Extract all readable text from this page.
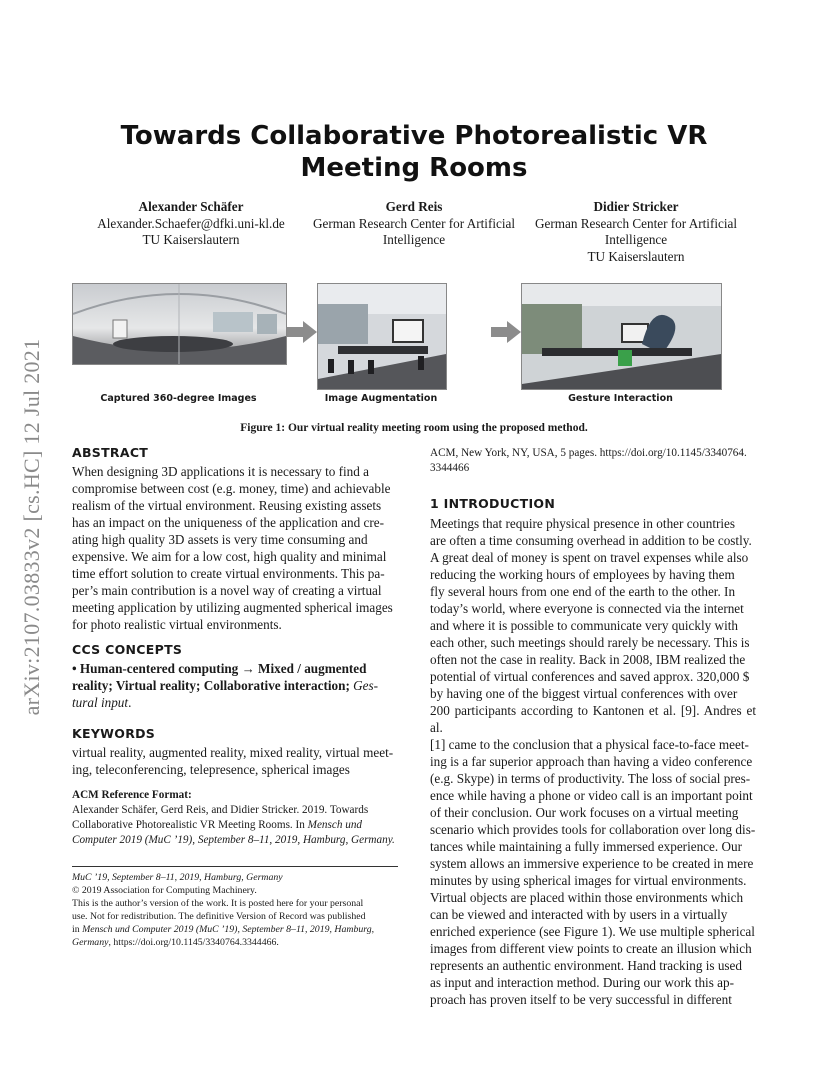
arXiv:2107.03833v2 [cs.HC] 12 Jul 2021
Towards Collaborative Photorealistic VR Meeting Rooms
Alexander Schäfer
Alexander.Schaefer@dfki.uni-kl.de
TU Kaiserslautern
Gerd Reis
German Research Center for Artificial
Intelligence
Didier Stricker
German Research Center for Artificial
Intelligence
TU Kaiserslautern
Captured 360-degree Images	Image Augmentation	Gesture Interaction
Figure 1: Our virtual reality meeting room using the proposed method.
ABSTRACT
When designing 3D applications it is necessary to find a
compromise between cost (e.g. money, time) and achievable
realism of the virtual environment. Reusing existing assets
has an impact on the uniqueness of the application and cre-
ating high quality 3D assets is very time consuming and
expensive. We aim for a low cost, high quality and minimal
time effort solution to create virtual environments. This pa-
per’s main contribution is a novel way of creating a virtual
meeting application by utilizing augmented spherical images
for photo realistic virtual environments.
CCS CONCEPTS
• Human-centered computing → Mixed / augmented
reality; Virtual reality; Collaborative interaction; Ges-
tural input.
KEYWORDS
virtual reality, augmented reality, mixed reality, virtual meet-
ing, teleconferencing, telepresence, spherical images
ACM Reference Format:
Alexander Schäfer, Gerd Reis, and Didier Stricker. 2019. Towards
Collaborative Photorealistic VR Meeting Rooms. In Mensch und
Computer 2019 (MuC ’19), September 8–11, 2019, Hamburg, Germany.
MuC ’19, September 8–11, 2019, Hamburg, Germany
© 2019 Association for Computing Machinery.
This is the author’s version of the work. It is posted here for your personal
use. Not for redistribution. The definitive Version of Record was published
in Mensch und Computer 2019 (MuC ’19), September 8–11, 2019, Hamburg,
Germany, https://doi.org/10.1145/3340764.3344466.
ACM, New York, NY, USA, 5 pages. https://doi.org/10.1145/3340764.
3344466
1 INTRODUCTION
Meetings that require physical presence in other countries
are often a time consuming overhead in addition to be costly.
A great deal of money is spent on travel expenses while also
reducing the working hours of employees by having them
fly several hours from one end of the earth to the other. In
today’s world, where everyone is connected via the internet
and where it is possible to communicate very quickly with
each other, such meetings should rarely be necessary. This is
often not the case in reality. Back in 2008, IBM realized the
potential of virtual conferences and saved approx. 320,000 $
by having one of the biggest virtual conferences with over
200 participants according to Kantonen et al. [9]. Andres et al.
[1] came to the conclusion that a physical face-to-face meet-
ing is a far superior approach than having a video conference
(e.g. Skype) in terms of productivity. The loss of social pres-
ence while having a phone or video call is an important point
of their conclusion. Our work focuses on a virtual meeting
scenario which provides tools for collaboration over long dis-
tances while maintaining a fully immersed experience. Our
system allows an immersive experience to be created in mere
minutes by using spherical images for virtual environments.
Virtual objects are placed within those environments which
can be viewed and interacted with by users in a virtually
enriched experience (see Figure 1). We use multiple spherical
images from different view points to create an illusion which
represents an authentic environment. Hand tracking is used
as input and interaction method. During our work this ap-
proach has proven itself to be very successful in different
